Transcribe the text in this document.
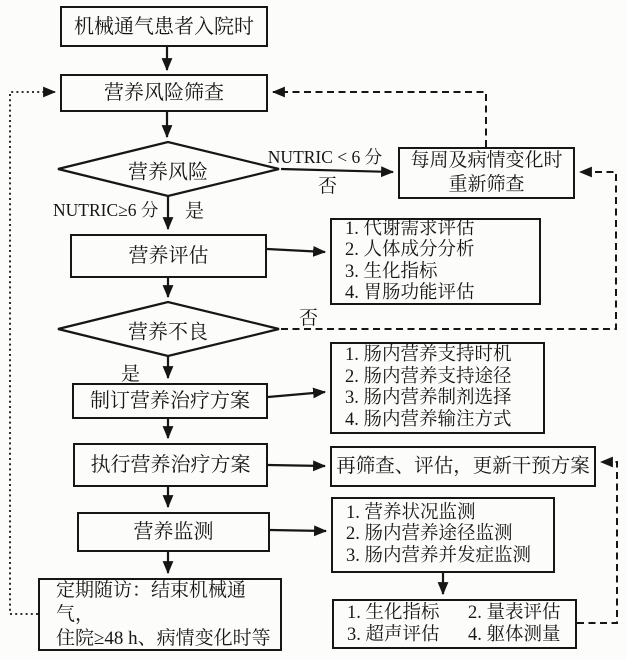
营养风险
营养不良
机械通气患者入院时
营养风险筛查
每周及病情变化时
重新筛查
营养评估
1. 代谢需求评估
2. 人体成分分析
3. 生化指标
4. 胃肠功能评估
制订营养治疗方案
1. 肠内营养支持时机
2. 肠内营养支持途径
3. 肠内营养制剂选择
4. 肠内营养输注方式
执行营养治疗方案	再筛查、评估，更新干预方案
营养监测
1. 营养状况监测
2. 肠内营养途径监测
3. 肠内营养并发症监测
定期随访：结束机械通气，
住院≥48 h、病情变化时等
1. 生化指标	2. 量表评估
3. 超声评估	4. 躯体测量
NUTRIC < 6 分
否
NUTRIC≥6 分 是
否
是
